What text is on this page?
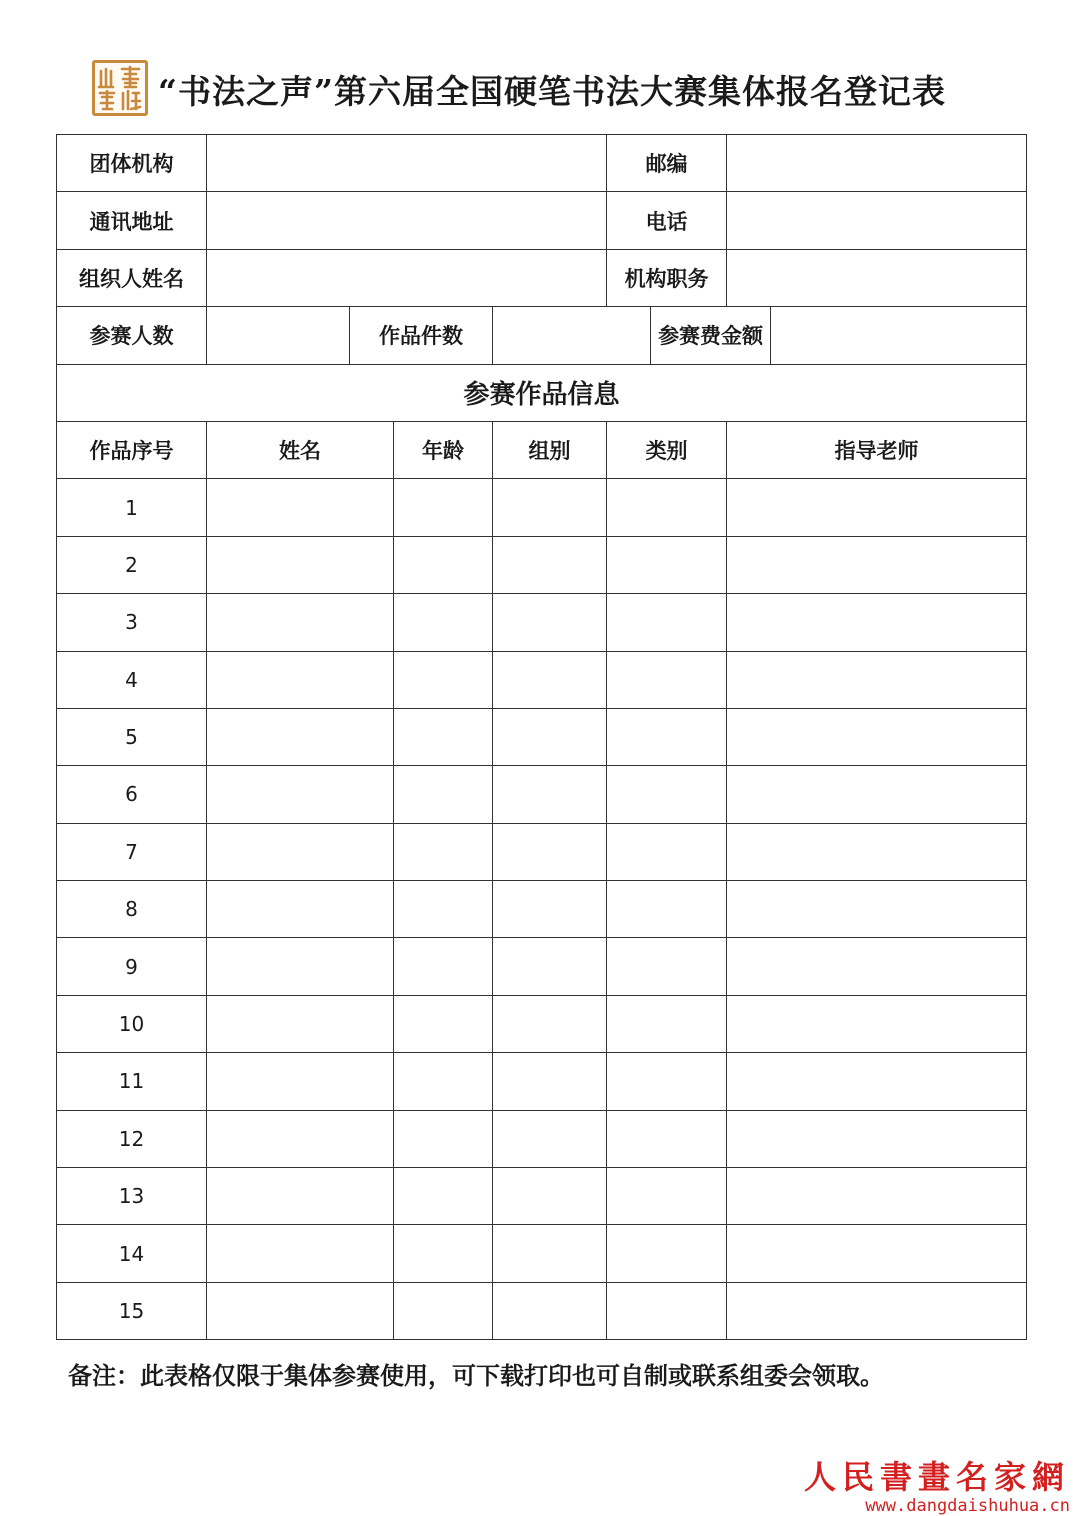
“书法之声”第六届全国硬笔书法大赛集体报名登记表
团体机构					邮编			
通讯地址					电话			
组织人姓名					机构职务			
参赛人数		作品件数				参赛费金额		
参赛作品信息								
作品序号	姓名		年龄	组别	类别		指导老师	
1								
2								
3								
4								
5								
6								
7								
8								
9								
10								
11								
12								
13								
14								
15								
备注：此表格仅限于集体参赛使用，可下载打印也可自制或联系组委会领取。
人民書畫名家網
www.dangdaishuhua.cn
